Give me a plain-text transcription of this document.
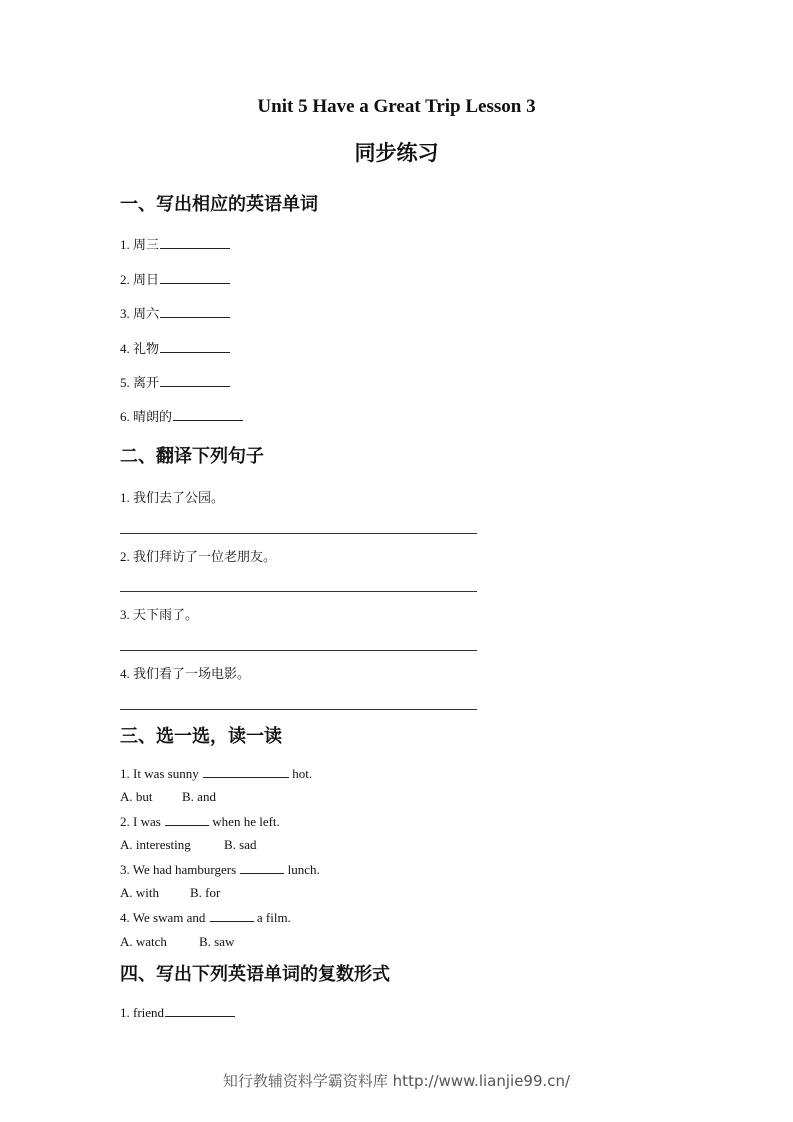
Unit 5 Have a Great Trip Lesson 3
同步练习
一、写出相应的英语单词
1. 周三
2. 周日
3. 周六
4. 礼物
5. 离开
6. 晴朗的
二、翻译下列句子
1. 我们去了公园。
2. 我们拜访了一位老朋友。
3. 天下雨了。
4. 我们看了一场电影。
三、选一选，读一读
1. It was sunny	hot.
A. but B. and
2. I was	when he left.
A. interesting	B. sad
3. We had hamburgers	lunch.
A. with B. for
4. We swam and	a film.
A. watch B. saw
四、写出下列英语单词的复数形式
1. friend
知行教辅资料学霸资料库 http://www.lianjie99.cn/
